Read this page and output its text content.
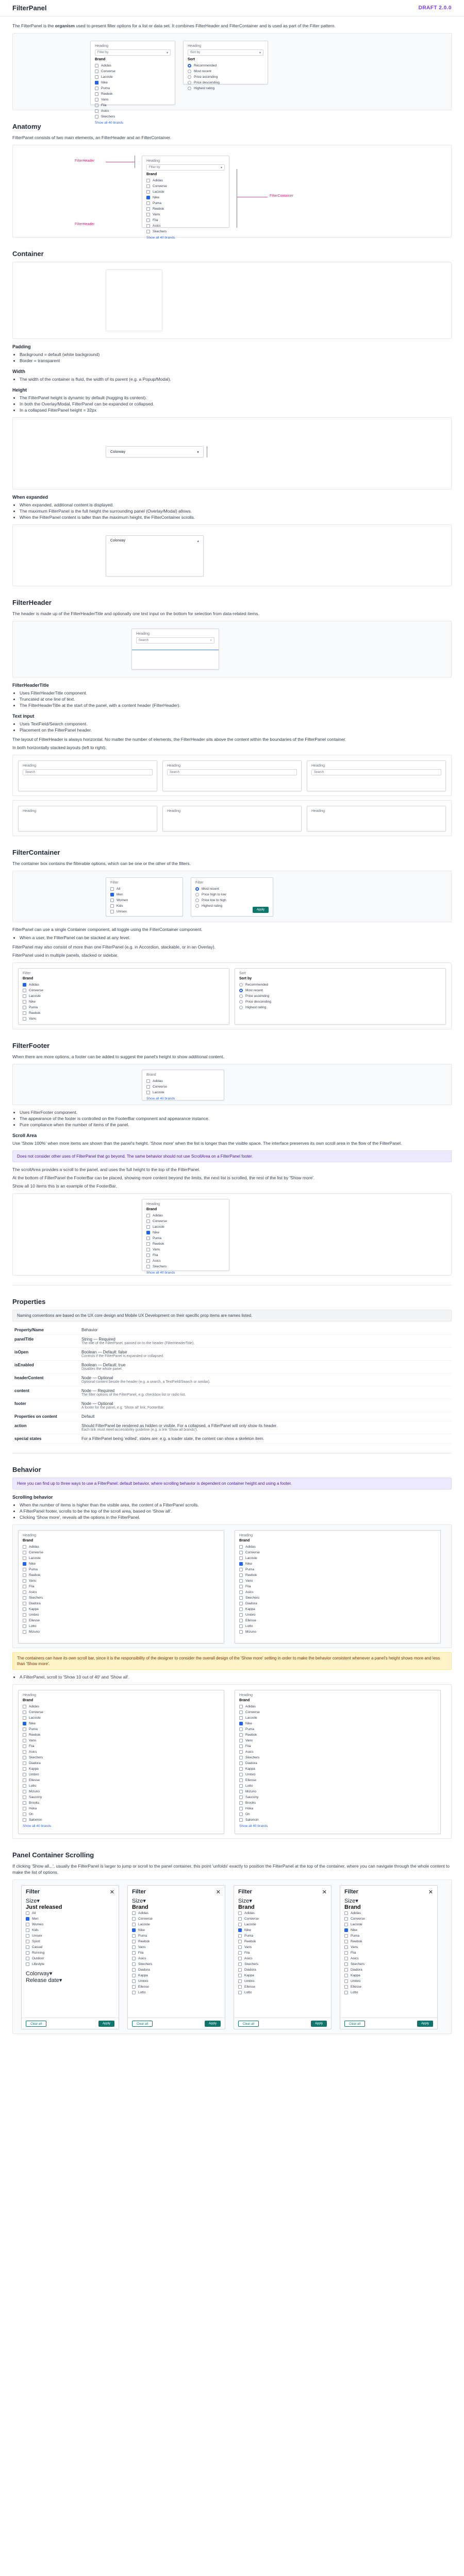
FilterPanel	DRAFT 2.0.0

The FilterPanel is the organism used to present filter options for a list or data set. It combines FilterHeader and FilterContainer and is used as part of the Filter pattern.

Heading
Filter by	▾
Brand
Adidas
Converse
Lacoste
Nike
Puma
Reebok
Vans
Fila
Asics
Skechers
Show all 40 brands
Heading
Sort by	▾
Sort
Recommended
Most recent
Price ascending
Price descending
Highest rating
Anatomy

FilterPanel consists of two main elements, an FilterHeader and an FilterContainer.

Heading
Filter by	▾
Brand
Adidas
Converse
Lacoste
Nike
Puma
Reebok
Vans
Fila
Asics
Skechers
Show all 40 brands
FilterHeader
FilterContainer
FilterHeader
Container
Padding
• Background = default (white background)
• Border = transparent
Width
• The width of the container is fluid, the width of its parent (e.g. a Popup/Modal).
Height
• The FilterPanel height is dynamic by default (hugging its content).
• In both the Overlay/Modal, FilterPanel can be expanded or collapsed.
• In a collapsed FilterPanel height = 32px
Colorway	▾
When expanded
• When expanded, additional content is displayed.
• The maximum FilterPanel is the full height the surrounding panel (Overlay/Modal) allows.
• When the FilterPanel content is taller than the maximum height, the FilterContainer scrolls.
Colorway	▴
FilterHeader

The header is made up of the FilterHeaderTitle and optionally one text input on the bottom for selection from data-related items.

Heading
Search	⌕
FilterHeaderTitle
• Uses FilterHeaderTitle component.
• Truncated at one line of text.
• The FilterHeaderTitle at the start of the panel, with a content header (FilterHeader).
Text input
• Uses TextField/Search component.
• Placement on the FilterPanel header.

The layout of FilterHeader is always horizontal. No matter the number of elements, the FilterHeader sits above the content within the boundaries of the FilterPanel container.

In both horizontally stacked layouts (left to right):

Heading
Search
Heading
Search
Heading
Search
Heading	Heading	Heading
FilterContainer

The container box contains the filterable options, which can be one or the other of the filters.

Filter
All
Men
Women
Kids
Unisex
Filter
Most recent
Price high to low
Price low to high
Highest rating
Apply

FilterPanel can use a single Container component, all toggle using the FilterContainer component.

• When a user, the FilterPanel can be stacked at any level.

FilterPanel may also consist of more than one FilterPanel (e.g. in Accordion, stackable, or in an Overlay).

FilterPanel used in multiple panels, stacked or sidebar.

Filter
Brand
Adidas
Converse
Lacoste
Nike
Puma
Reebok
Vans
Sort
Sort by
Recommended
Most recent
Price ascending
Price descending
Highest rating
FilterFooter

When there are more options, a footer can be added to suggest the panel's height to show additional content.

Brand
Adidas
Converse
Lacoste
Show all 40 brands
• Uses FilterFooter component.
• The appearance of the footer is controlled on the FooterBar component and appearance instance.
• Pure compliance when the number of items of the panel.
Scroll Area

Use 'Show 100%' when more items are shown than the panel's height. 'Show more' when the list is longer than the visible space. The interface preserves its own scroll area in the flow of the FilterPanel.

Does not consider other uses of FilterPanel that go beyond. The same behavior should not use ScrollArea on a FilterPanel footer.

The scrollArea provides a scroll to the panel, and uses the full height to the top of the FilterPanel.

At the bottom of FilterPanel the FooterBar can be placed, showing more content beyond the limits, the next list is scrolled, the rest of the list by 'Show more'.

Show all 10 items this is an example of the FooterBar.

Heading
Brand
Adidas
Converse
Lacoste
Nike
Puma
Reebok
Vans
Fila
Asics
Skechers
Show all 40 brands
Properties
Naming conventions are based on the UX core design and Mobile UX Development on their specific prop items are names listed.
Property/Name	Behavior
panelTitle	String — Required
The title of the FilterPanel, passed on to the header (FilterHeaderTitle).

isOpen	Boolean — Default: false
Controls if the FilterPanel is expanded or collapsed.

isEnabled	Boolean — Default: true
Disables the whole panel.

headerContent	Node — Optional
Optional content beside the header (e.g. a search, a TextField/Search or similar).

content	Node — Required
The filter options of the FilterPanel, e.g. checkbox list or radio list.

footer	Node — Optional
A footer for the panel, e.g. 'Show all' link, FooterBar.

Properties on content	Default
action	Should FilterPanel be rendered as hidden or visible. For a collapsed, a FilterPanel will only show its header.
Each link must meet accessibility guideline (e.g. a link 'Show all brands').

special states	For a FilterPanel being 'edited', states are: e.g. a loader state, the content can show a skeleton item.
Behavior
Here you can find up to three ways to use a FilterPanel: default behavior, where scrolling behavior is dependent on container height and using a footer.
Scrolling behavior
• When the number of items is higher than the visible area, the content of a FilterPanel scrolls.
• A FilterPanel footer, scrolls to be the top of the scroll area, based on 'Show all'.
• Clicking 'Show more', reveals all the options in the FilterPanel.
Heading
Brand
Adidas
Converse
Lacoste
Nike
Puma
Reebok
Vans
Fila
Asics
Skechers
Diadora
Kappa
Umbro
Ellesse
Lotto
Mizuno
Heading
Brand
Adidas
Converse
Lacoste
Nike
Puma
Reebok
Vans
Fila
Asics
Skechers
Diadora
Kappa
Umbro
Ellesse
Lotto
Mizuno
The containers can have its own scroll bar, since it is the responsibility of the designer to consider the overall design of the 'Show more' setting in order to make the behavior consistent whenever a panel's height shows more and less than 'Show more'.
• A FilterPanel, scroll to 'Show 10 out of 40' and 'Show all'.
Heading
Brand
Adidas
Converse
Lacoste
Nike
Puma
Reebok
Vans
Fila
Asics
Skechers
Diadora
Kappa
Umbro
Ellesse
Lotto
Mizuno
Saucony
Brooks
Hoka
On
Salomon
Show all 40 brands
Heading
Brand
Adidas
Converse
Lacoste
Nike
Puma
Reebok
Vans
Fila
Asics
Skechers
Diadora
Kappa
Umbro
Ellesse
Lotto
Mizuno
Saucony
Brooks
Hoka
On
Salomon
Show all 40 brands
Panel Container Scrolling

If clicking 'Show all...', usually the FilterPanel is larger to jump or scroll to the panel container, this point 'unfolds' exactly to position the FilterPanel at the top of the container, where you can navigate through the whole content to make the list of options.

Filter	✕
Size▾
Just released
All
Men
Women
Kids
Unisex
Sport
Casual
Running
Outdoor
Lifestyle
Colorway▾
Release date▾
Clear all	Apply
Filter	✕
Size▾
Brand
Adidas
Converse
Lacoste
Nike
Puma
Reebok
Vans
Fila
Asics
Skechers
Diadora
Kappa
Umbro
Ellesse
Lotto
Clear all	Apply
Filter	✕
Size▾
Brand
Adidas
Converse
Lacoste
Nike
Puma
Reebok
Vans
Fila
Asics
Skechers
Diadora
Kappa
Umbro
Ellesse
Lotto
Clear all	Apply
Filter	✕
Size▾
Brand
Adidas
Converse
Lacoste
Nike
Puma
Reebok
Vans
Fila
Asics
Skechers
Diadora
Kappa
Umbro
Ellesse
Lotto
Clear all	Apply
